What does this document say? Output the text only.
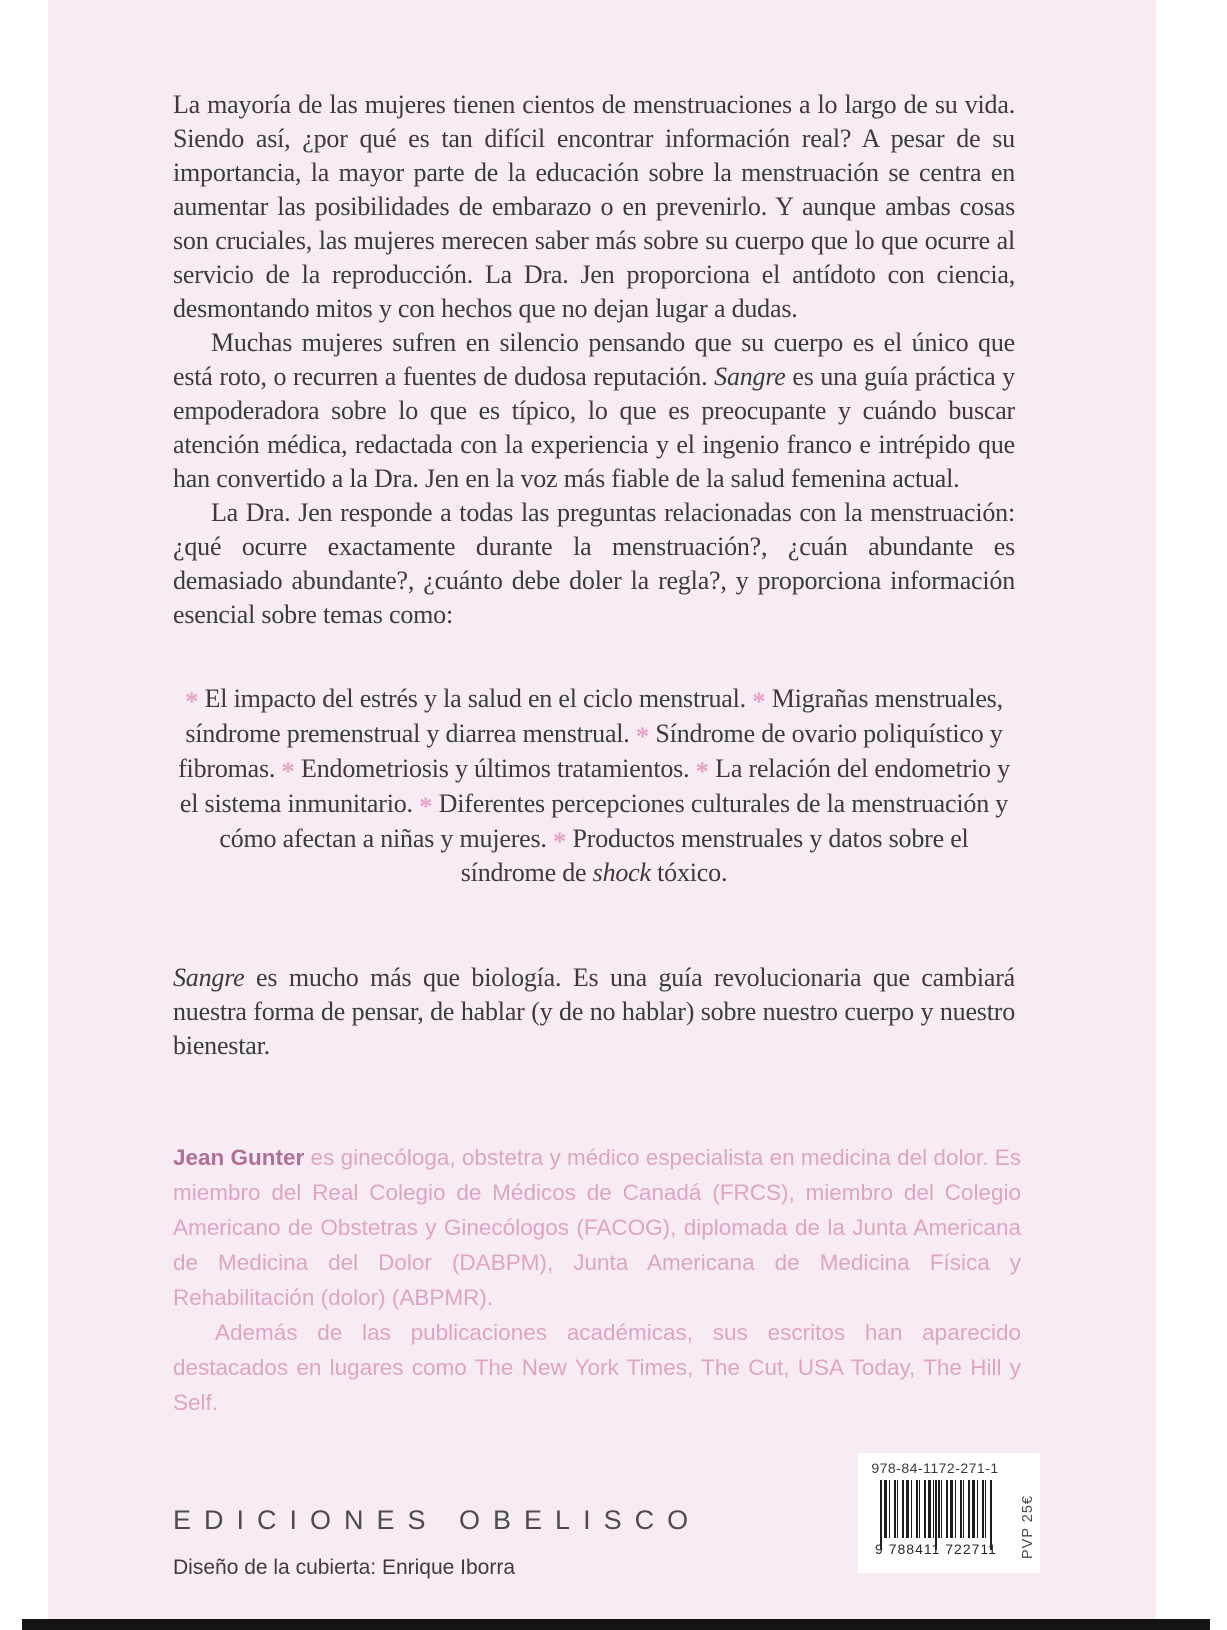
La mayoría de las mujeres tienen cientos de menstruaciones a lo largo de su vida. Siendo así, ¿por qué es tan difícil encontrar información real? A pesar de su importancia, la mayor parte de la educación sobre la menstruación se centra en aumentar las posibilidades de embarazo o en prevenirlo. Y aunque ambas cosas son cruciales, las mujeres merecen saber más sobre su cuerpo que lo que ocurre al servicio de la reproducción. La Dra. Jen proporciona el antídoto con ciencia, desmontando mitos y con hechos que no dejan lugar a dudas.

Muchas mujeres sufren en silencio pensando que su cuerpo es el único que está roto, o recurren a fuentes de dudosa reputación. Sangre es una guía práctica y empoderadora sobre lo que es típico, lo que es preocupante y cuándo buscar atención médica, redactada con la experiencia y el ingenio franco e intrépido que han convertido a la Dra. Jen en la voz más fiable de la salud femenina actual.

La Dra. Jen responde a todas las preguntas relacionadas con la menstruación: ¿qué ocurre exactamente durante la menstruación?, ¿cuán abundante es demasiado abundante?, ¿cuánto debe doler la regla?, y proporciona información esencial sobre temas como:

* El impacto del estrés y la salud en el ciclo menstrual. * Migrañas menstruales, síndrome premenstrual y diarrea menstrual. * Síndrome de ovario poliquístico y fibromas. * Endometriosis y últimos tratamientos. * La relación del endometrio y el sistema inmunitario. * Diferentes percepciones culturales de la menstruación y cómo afectan a niñas y mujeres. * Productos menstruales y datos sobre el síndrome de shock tóxico.

Sangre es mucho más que biología. Es una guía revolucionaria que cambiará nuestra forma de pensar, de hablar (y de no hablar) sobre nuestro cuerpo y nuestro bienestar.

Jean Gunter es ginecóloga, obstetra y médico especialista en medicina del dolor. Es miembro del Real Colegio de Médicos de Canadá (FRCS), miembro del Colegio Americano de Obstetras y Ginecólogos (FACOG), diplomada de la Junta Americana de Medicina del Dolor (DABPM), Junta Americana de Medicina Física y Rehabilitación (dolor) (ABPMR).

Además de las publicaciones académicas, sus escritos han aparecido destacados en lugares como The New York Times, The Cut, USA Today, The Hill y Self.

EDICIONES OBELISCO
Diseño de la cubierta: Enrique Iborra
978-84-1172-271-1
9 788411 722711	PVP 25€
